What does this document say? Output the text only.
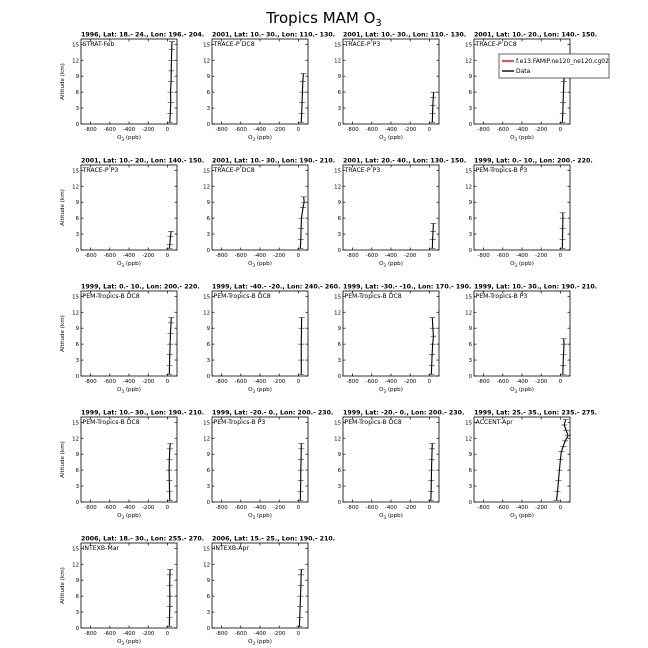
Tropics MAM $O_3$
1996, Lat: 18.- 24., Lon: 196.- 204.
STRAT-Feb
-800 -600 -400 -200 0
0
3
6
9
12
15
$O_3$ (ppb)
Altitude (km)
2001, Lat: 10.- 30., Lon: 110.- 130.
TRACE-P DC8
-800 -600 -400 -200 0
0
3
6
9
12
15
$O_3$ (ppb)
2001, Lat: 10.- 30., Lon: 110.- 130.
TRACE-P P3
-800 -600 -400 -200 0
0
3
6
9
12
15
$O_3$ (ppb)
2001, Lat: 10.- 20., Lon: 140.- 150.
TRACE-P DC8
-800 -600 -400 -200 0
0
3
6
9
12
15
$O_3$ (ppb)
2001, Lat: 10.- 20., Lon: 140.- 150.
TRACE-P P3
-800 -600 -400 -200 0
0
3
6
9
12
15
$O_3$ (ppb)
Altitude (km)
2001, Lat: 10.- 30., Lon: 190.- 210.
TRACE-P DC8
-800 -600 -400 -200 0
0
3
6
9
12
15
$O_3$ (ppb)
2001, Lat: 20.- 40., Lon: 130.- 150.
TRACE-P P3
-800 -600 -400 -200 0
0
3
6
9
12
15
$O_3$ (ppb)
1999, Lat: 0.- 10., Lon: 200.- 220.
PEM-Tropics-B P3
-800 -600 -400 -200 0
0
3
6
9
12
15
$O_3$ (ppb)
1999, Lat: 0.- 10., Lon: 200.- 220.
PEM-Tropics-B DC8
-800 -600 -400 -200 0
0
3
6
9
12
15
$O_3$ (ppb)
Altitude (km)
1999, Lat: -40.- -20., Lon: 240.- 260.
PEM-Tropics-B DC8
-800 -600 -400 -200 0
0
3
6
9
12
15
$O_3$ (ppb)
1999, Lat: -30.- -10., Lon: 170.- 190.
PEM-Tropics-B DC8
-800 -600 -400 -200 0
0
3
6
9
12
15
$O_3$ (ppb)
1999, Lat: 10.- 30., Lon: 190.- 210.
PEM-Tropics-B P3
-800 -600 -400 -200 0
0
3
6
9
12
15
$O_3$ (ppb)
1999, Lat: 10.- 30., Lon: 190.- 210.
PEM-Tropics-B DC8
-800 -600 -400 -200 0
0
3
6
9
12
15
$O_3$ (ppb)
Altitude (km)
1999, Lat: -20.- 0., Lon: 200.- 230.
PEM-Tropics-B P3
-800 -600 -400 -200 0
0
3
6
9
12
15
$O_3$ (ppb)
1999, Lat: -20.- 0., Lon: 200.- 230.
PEM-Tropics-B DC8
-800 -600 -400 -200 0
0
3
6
9
12
15
$O_3$ (ppb)
1999, Lat: 25.- 35., Lon: 235.- 275.
ACCENT-Apr
-800 -600 -400 -200 0
0
3
6
9
12
15
$O_3$ (ppb)
2006, Lat: 18.- 30., Lon: 255.- 270.
INTEXB-Mar
-800 -600 -400 -200 0
0
3
6
9
12
15
$O_3$ (ppb)
Altitude (km)
2006, Lat: 15.- 25., Lon: 190.- 210.
INTEXB-Apr
-800 -600 -400 -200 0
0
3
6
9
12
15
$O_3$ (ppb)
f.e13.FAMIP.ne120_ne120.cg02
Data
